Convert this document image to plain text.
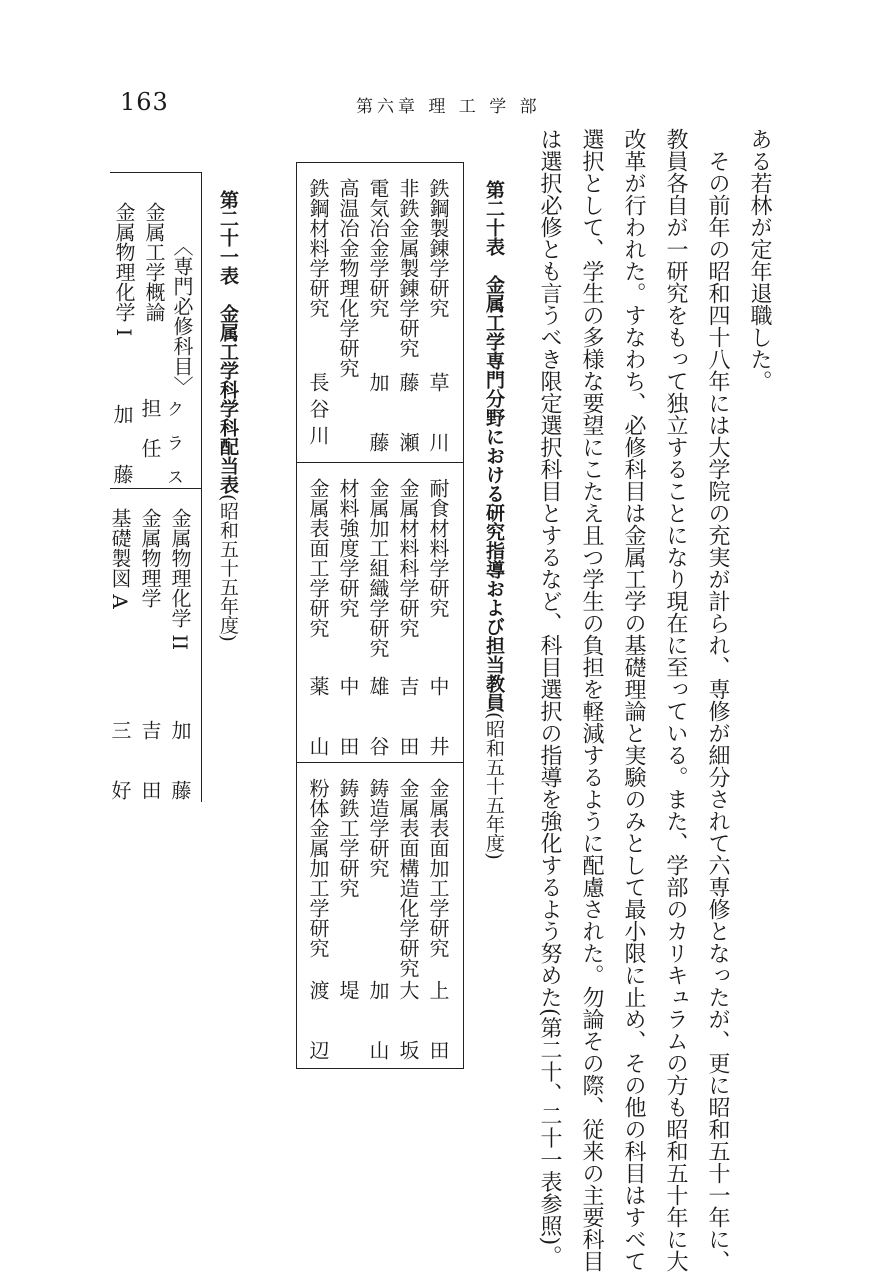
163	第六章 理 工 学 部
ある若林が定年退職した。
　その前年の昭和四十八年には大学院の充実が計られ、専修が細分されて六専修となったが、更に昭和五十一年に、
教員各自が一研究をもって独立することになり現在に至っている。また、学部のカリキュラムの方も昭和五十年に大
改革が行われた。すなわち、必修科目は金属工学の基礎理論と実験のみとして最小限に止め、その他の科目はすべて
選択として、学生の多様な要望にこたえ且つ学生の負担を軽減するように配慮された。勿論その際、従来の主要科目
は選択必修とも言うべき限定選択科目とするなど、科目選択の指導を強化するよう努めた(第二十、二十一表参照)。
第二十表　金属工学専門分野における研究指導および担当教員(昭和五十五年度)
鉄鋼製錬学研究
非鉄金属製錬学研究
電気冶金学研究
高温冶金物理化学研究
鉄鋼材料学研究
草　　川
藤　　瀬
加　　藤
長 谷 川
耐食材料学研究
金属材料科学研究
金属加工組織学研究
材料強度学研究
金属表面工学研究
中　　井
吉　　田
雄　　谷
中　　田
薬　　山
金属表面加工学研究
金属表面構造化学研究
鋳造学研究
鋳鉄工学研究
粉体金属加工学研究
上　　田
大　　坂
加　　山
堤
渡　　辺
第二十一表　金属工学科学科配当表(昭和五十五年度)
〈専門必修科目〉
金属工学概論
金属物理化学 I
ク　ラ　ス
担　任
加　　藤
金属物理化学 II
金属物理学
基礎製図 A
加　　藤
吉　　田
三　　好
